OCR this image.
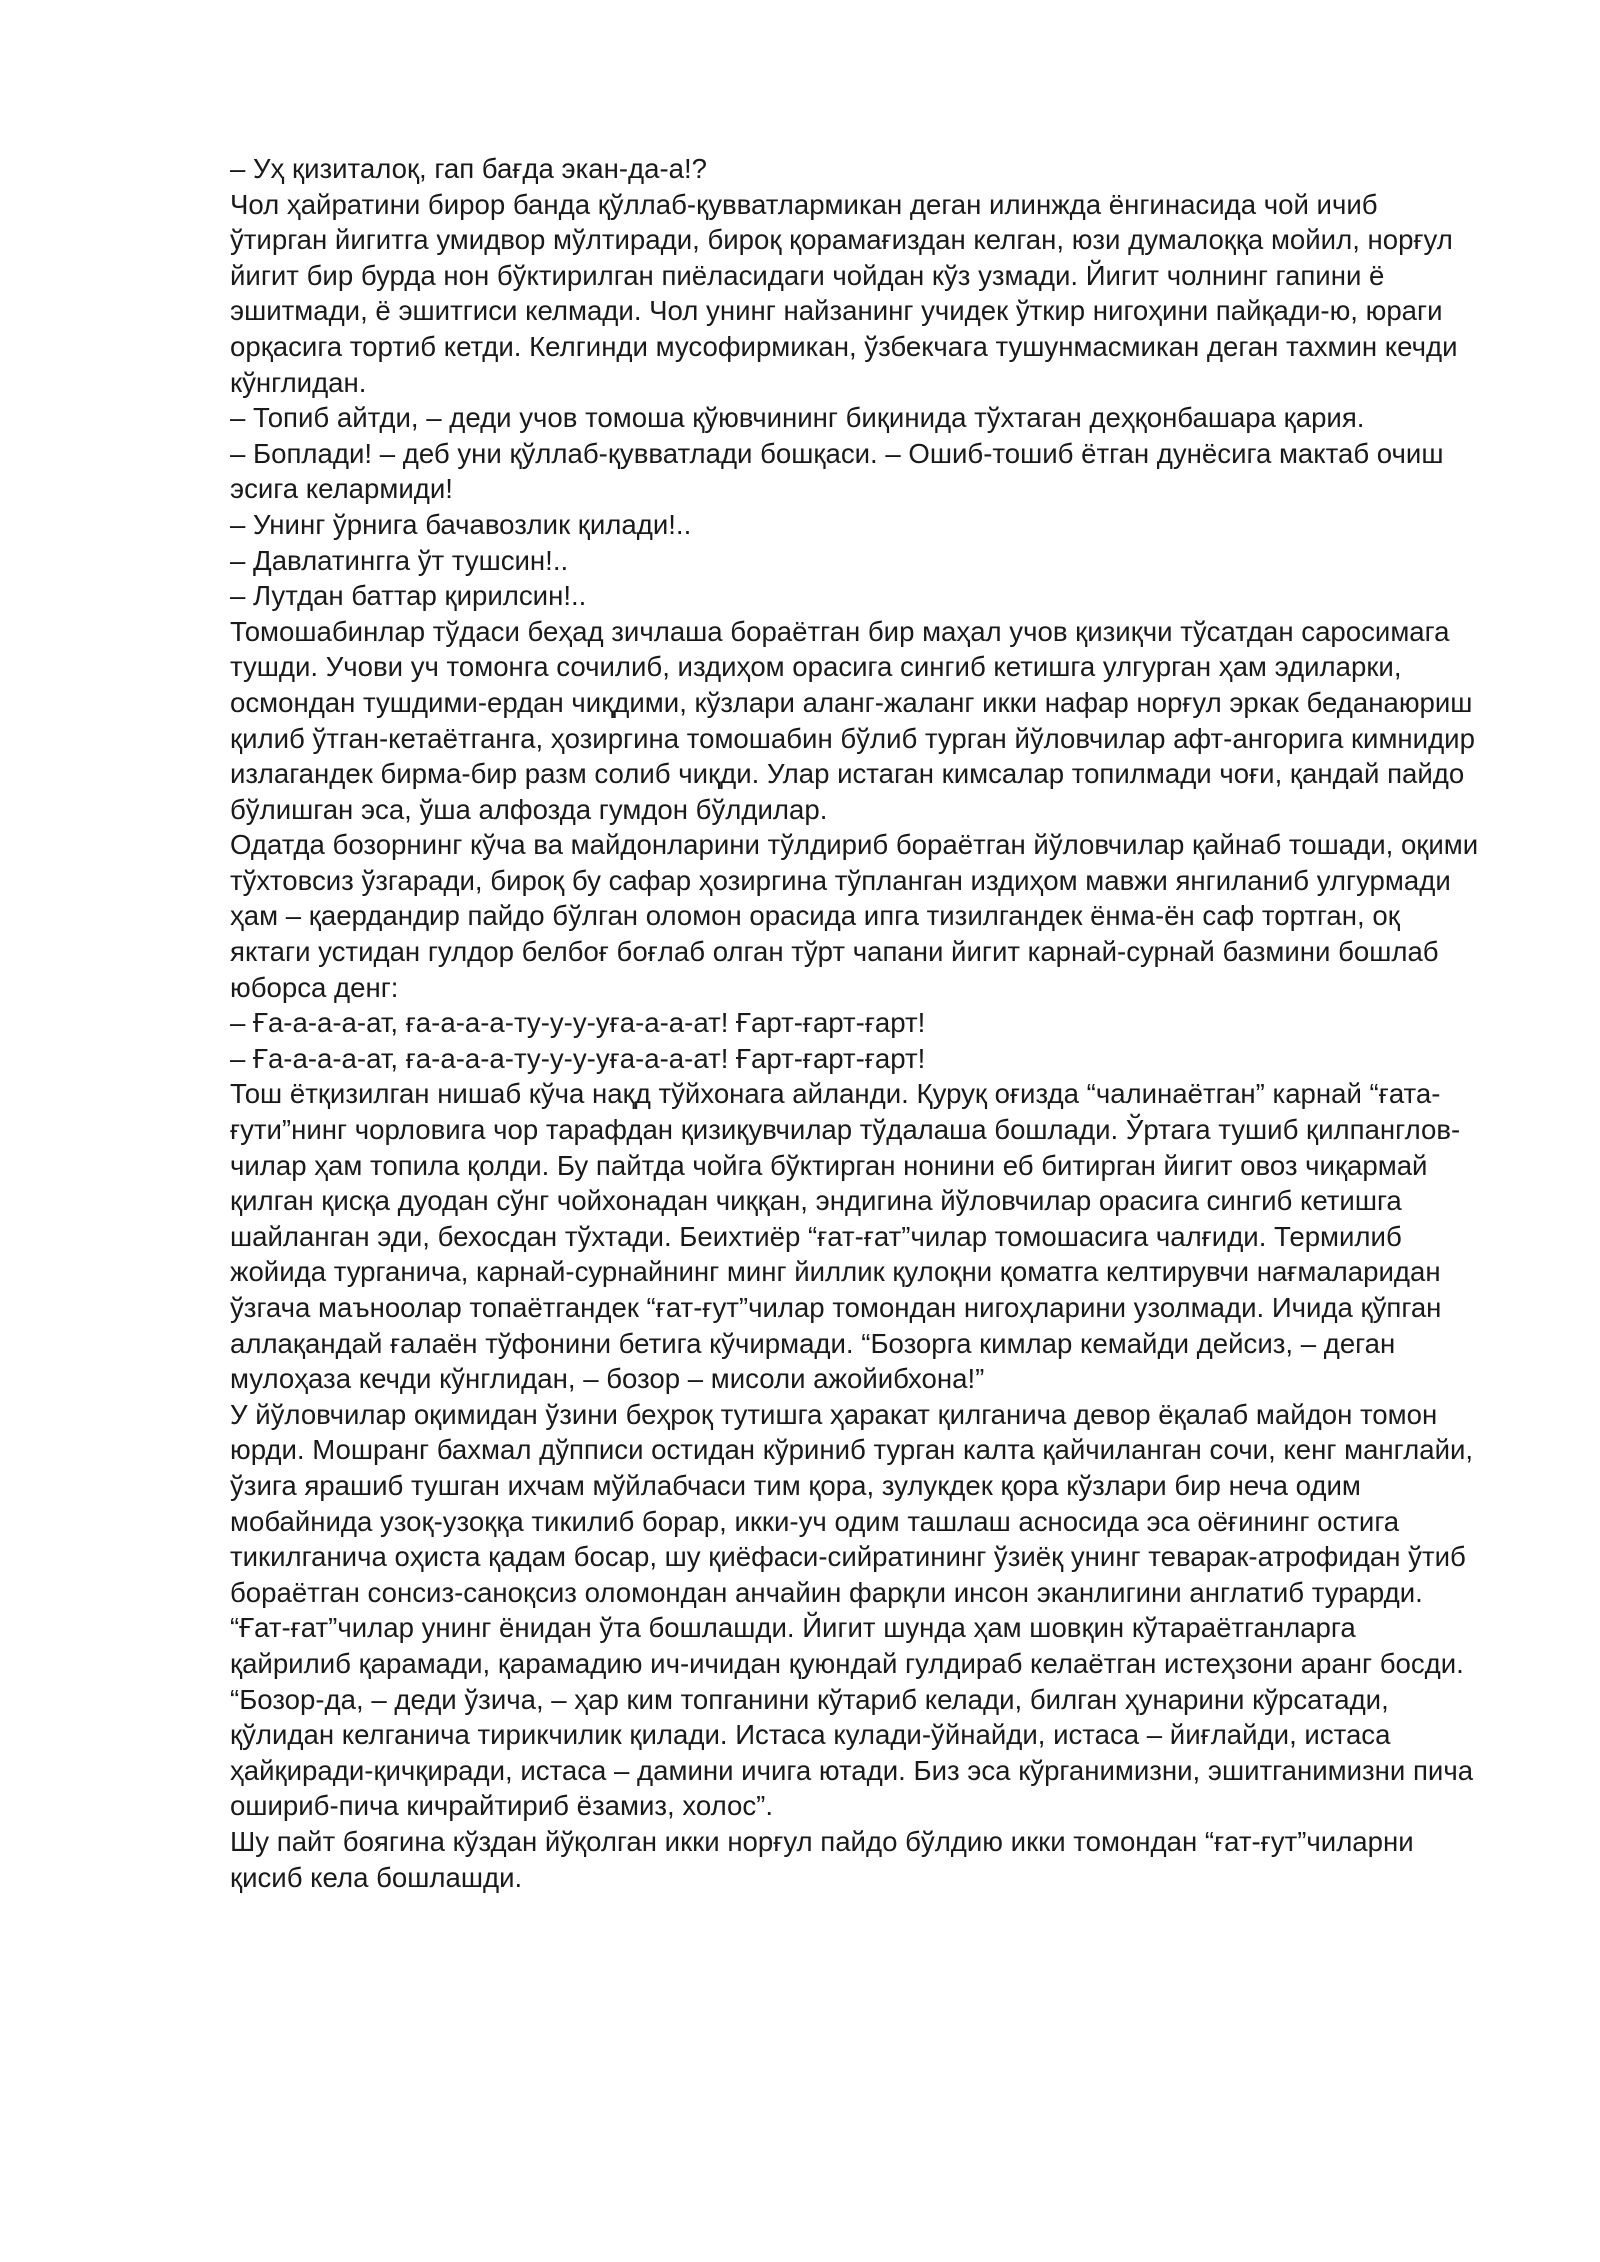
– Уҳ қизиталоқ, гап бағда экан-да-а!?

Чол ҳайратини бирор банда қўллаб-қувватлармикан деган илинжда ёнгинасида чой ичиб ўтирган йигитга умидвор мўлтиради, бироқ қорамағиздан келган, юзи думалоққа мойил, норғул йигит бир бурда нон бўктирилган пиёласидаги чойдан кўз узмади. Йигит чолнинг гапини ё эшитмади, ё эшитгиси келмади. Чол унинг найзанинг учидек ўткир нигоҳини пайқади-ю, юраги орқасига тортиб кетди. Келгинди мусофирмикан, ўзбекчага тушунмасмикан деган тахмин кечди кўнглидан.

– Топиб айтди, – деди учов томоша қўювчининг биқинида тўхтаган деҳқонбашара қария.

– Боплади! – деб уни қўллаб-қувватлади бошқаси. – Ошиб-тошиб ётган дунёсига мактаб очиш эсига келармиди!

– Унинг ўрнига бачавозлик қилади!..

– Давлатингга ўт тушсин!..

– Лутдан баттар қирилсин!..

Томошабинлар тўдаси беҳад зичлаша бораётган бир маҳал учов қизиқчи тўсатдан саросимага тушди. Учови уч томонга сочилиб, издиҳом орасига сингиб кетишга улгурган ҳам эдиларки, осмондан тушдими-ердан чиқдими, кўзлари аланг-жаланг икки нафар норғул эркак беданаюриш қилиб ўтган-кетаётганга, ҳозиргина томошабин бўлиб турган йўловчилар афт-ангорига кимнидир излагандек бирма-бир разм солиб чиқди. Улар истаган кимсалар топилмади чоғи, қандай пайдо бўлишган эса, ўша алфозда гумдон бўлдилар.

Одатда бозорнинг кўча ва майдонларини тўлдириб бораётган йўловчилар қайнаб тошади, оқими тўхтовсиз ўзгаради, бироқ бу сафар ҳозиргина тўпланган издиҳом мавжи янгиланиб улгурмади ҳам – қаердандир пайдо бўлган оломон орасида ипга тизилгандек ёнма-ён саф тортган, оқ яктаги устидан гулдор белбоғ боғлаб олган тўрт чапани йигит карнай-сурнай базмини бошлаб юборса денг:

– Ға-а-а-а-ат, ға-а-а-а-ту-у-у-уға-а-а-ат! Ғарт-ғарт-ғарт!

– Ға-а-а-а-ат, ға-а-а-а-ту-у-у-уға-а-а-ат! Ғарт-ғарт-ғарт!

Тош ётқизилган нишаб кўча нақд тўйхонага айланди. Қуруқ оғизда “чалинаётган” карнай “ғата-ғути”нинг чорловига чор тарафдан қизиқувчилар тўдалаша бошлади. Ўртага тушиб қилпангловчилар ҳам топила қолди. Бу пайтда чойга бўктирган нонини еб битирган йигит овоз чиқармай қилган қисқа дуодан сўнг чойхонадан чиққан, эндигина йўловчилар орасига сингиб кетишга шайланган эди, бехосдан тўхтади. Беихтиёр “ғат-ғат”чилар томошасига чалғиди. Термилиб жойида турганича, карнай-сурнайнинг минг йиллик қулоқни қоматга келтирувчи нағмаларидан ўзгача маъноолар топаётгандек “ғат-ғут”чилар томондан нигоҳларини узолмади. Ичида қўпган аллақандай ғалаён тўфонини бетига кўчирмади. “Бозорга кимлар кемайди дейсиз, – деган мулоҳаза кечди кўнглидан, – бозор – мисоли ажойибхона!”

У йўловчилар оқимидан ўзини беҳроқ тутишга ҳаракат қилганича девор ёқалаб майдон томон юрди. Мошранг бахмал дўпписи остидан кўриниб турган калта қайчиланган сочи, кенг манглайи, ўзига ярашиб тушган ихчам мўйлабчаси тим қора, зулукдек қора кўзлари бир неча одим мобайнида узоқ-узоққа тикилиб борар, икки-уч одим ташлаш асносида эса оёғининг остига тикилганича оҳиста қадам босар, шу қиёфаси-сийратининг ўзиёқ унинг теварак-атрофидан ўтиб бораётган сонсиз-саноқсиз оломондан анчайин фарқли инсон эканлигини англатиб турарди.

“Ғат-ғат”чилар унинг ёнидан ўта бошлашди. Йигит шунда ҳам шовқин кўтараётганларга қайрилиб қарамади, қарамадию ич-ичидан қуюндай гулдираб келаётган истеҳзони аранг босди. “Бозор-да, – деди ўзича, – ҳар ким топганини кўтариб келади, билган ҳунарини кўрсатади, қўлидан келганича тирикчилик қилади. Истаса кулади-ўйнайди, истаса – йиғлайди, истаса ҳайқиради-қичқиради, истаса – дамини ичига ютади. Биз эса кўрганимизни, эшитганимизни пича ошириб-пича кичрайтириб ёзамиз, холос”.

Шу пайт боягина кўздан йўқолган икки норғул пайдо бўлдию икки томондан “ғат-ғут”чиларни қисиб кела бошлашди.
